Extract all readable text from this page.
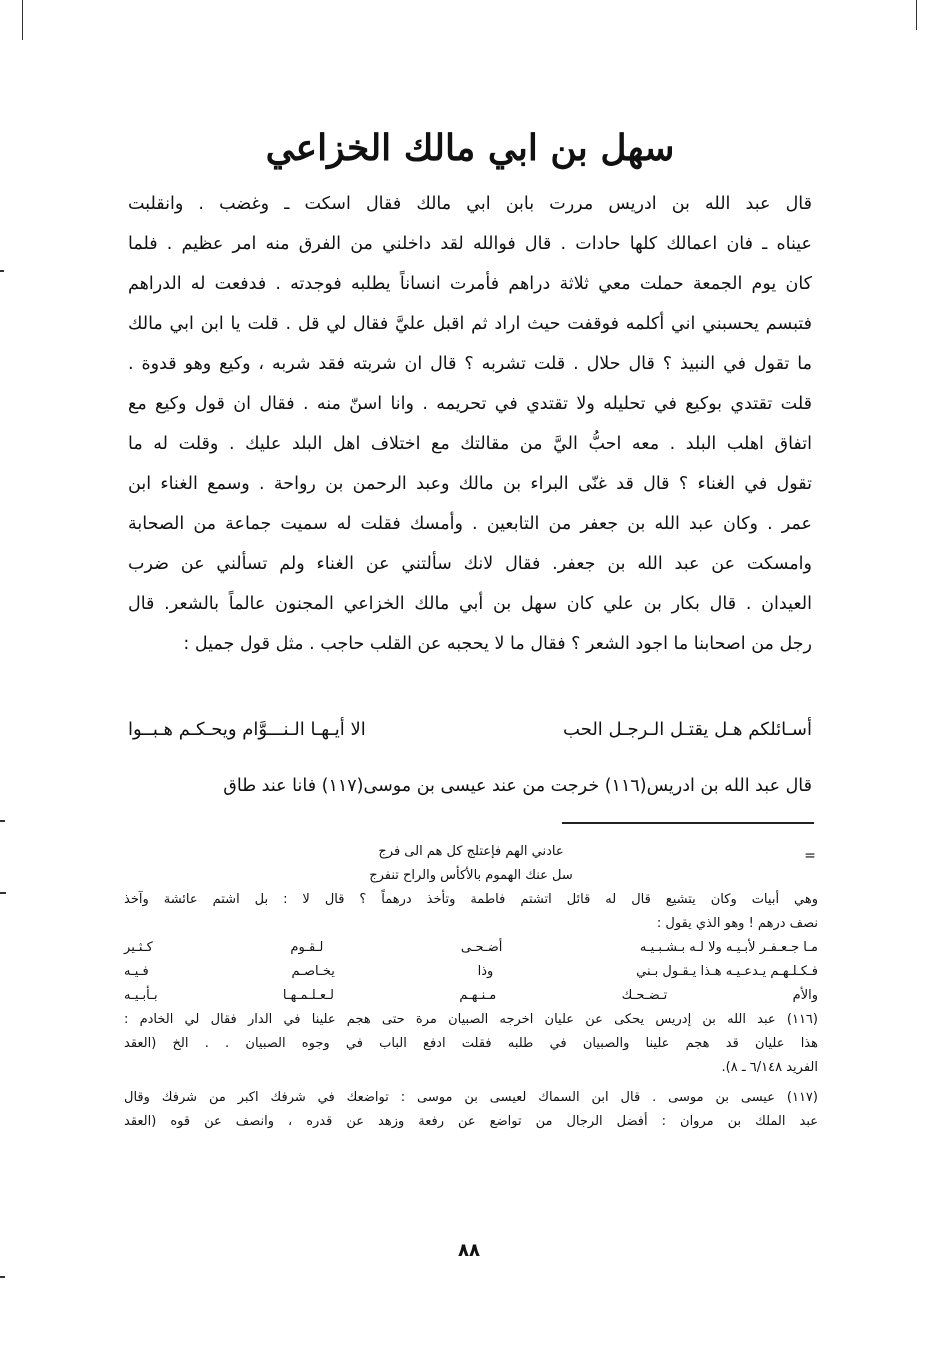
سهل بن ابي مالك الخزاعي
قال عبد الله بن ادريس مررت بابن ابي مالك فقال اسكت ـ وغضب . وانقلبت
عيناه ـ فان اعمالك كلها حادات . قال فوالله لقد داخلني من الفرق منه امر عظيم . فلما
كان يوم الجمعة حملت معي ثلاثة دراهم فأمرت انساناً يطلبه فوجدته . فدفعت له الدراهم
فتبسم يحسبني اني أكلمه فوقفت حيث اراد ثم اقبل عليَّ فقال لي قل . قلت يا ابن ابي مالك
ما تقول في النبيذ ؟ قال حلال . قلت تشربه ؟ قال ان شربته فقد شربه ، وكيع وهو قدوة .
قلت تقتدي بوكيع في تحليله ولا تقتدي في تحريمه . وانا اسنّ منه . فقال ان قول وكيع مع
اتفاق اهلب البلد . معه احبُّ اليَّ من مقالتك مع اختلاف اهل البلد عليك . وقلت له ما
تقول في الغناء ؟ قال قد غنّى البراء بن مالك وعبد الرحمن بن رواحة . وسمع الغناء ابن
عمر . وكان عبد الله بن جعفر من التابعين . وأمسك فقلت له سميت جماعة من الصحابة
وامسكت عن عبد الله بن جعفر. فقال لانك سألتني عن الغناء ولم تسألني عن ضرب
العيدان . قال بكار بن علي كان سهل بن أبي مالك الخزاعي المجنون عالماً بالشعر. قال
رجل من اصحابنا ما اجود الشعر ؟ فقال ما لا يحجبه عن القلب حاجب . مثل قول جميل :
أسـائلكم هـل يقتـل الـرجـل الحب
الا أيـهـا الـنـــوَّام ويحـكـم هـبــوا
قال عبد الله بن ادريس(١١٦) خرجت من عند عيسى بن موسى(١١٧) فانا عند طاق
=
عادني الهم فإعتلج كل هم الى فرج
سل عنك الهموم بالأكأس والراح تنفرج
وهي أبيات وكان يتشيع قال له قائل اتشتم فاطمة وتأخذ درهماً ؟ قال لا : بل اشتم عائشة وآخذ
نصف درهم ! وهو الذي يقول :
مـا جـعـفـر لأبـيـه ولا لـه بـشـبـيـه
أضـحـى
لـقـوم
كـثـير
فـكـلـهـم يـدعـيـه هـذا يـقـول بـني
وذا
يخـاصـم
فـيـه
والأم
تـضـحـك
مـنـهـم
لـعـلـمـهـا
بـأبـيـه
(١١٦) عبد الله بن إدريس يحكى عن عليان اخرجه الصبيان مرة حتى هجم علينا في الدار فقال لي الخادم :
هذا عليان قد هجم علينا والصبيان في طلبه فقلت ادفع الباب في وجوه الصبيان . . الخ (العقد
الفريد ٦/١٤٨ ـ ٨).
(١١٧) عيسى بن موسى . قال ابن السماك لعيسى بن موسى : تواضعك في شرفك اكبر من شرفك وقال
عبد الملك بن مروان : أفضل الرجال من تواضع عن رفعة وزهد عن قدره ، وانصف عن قوه (العقد
٨٨
